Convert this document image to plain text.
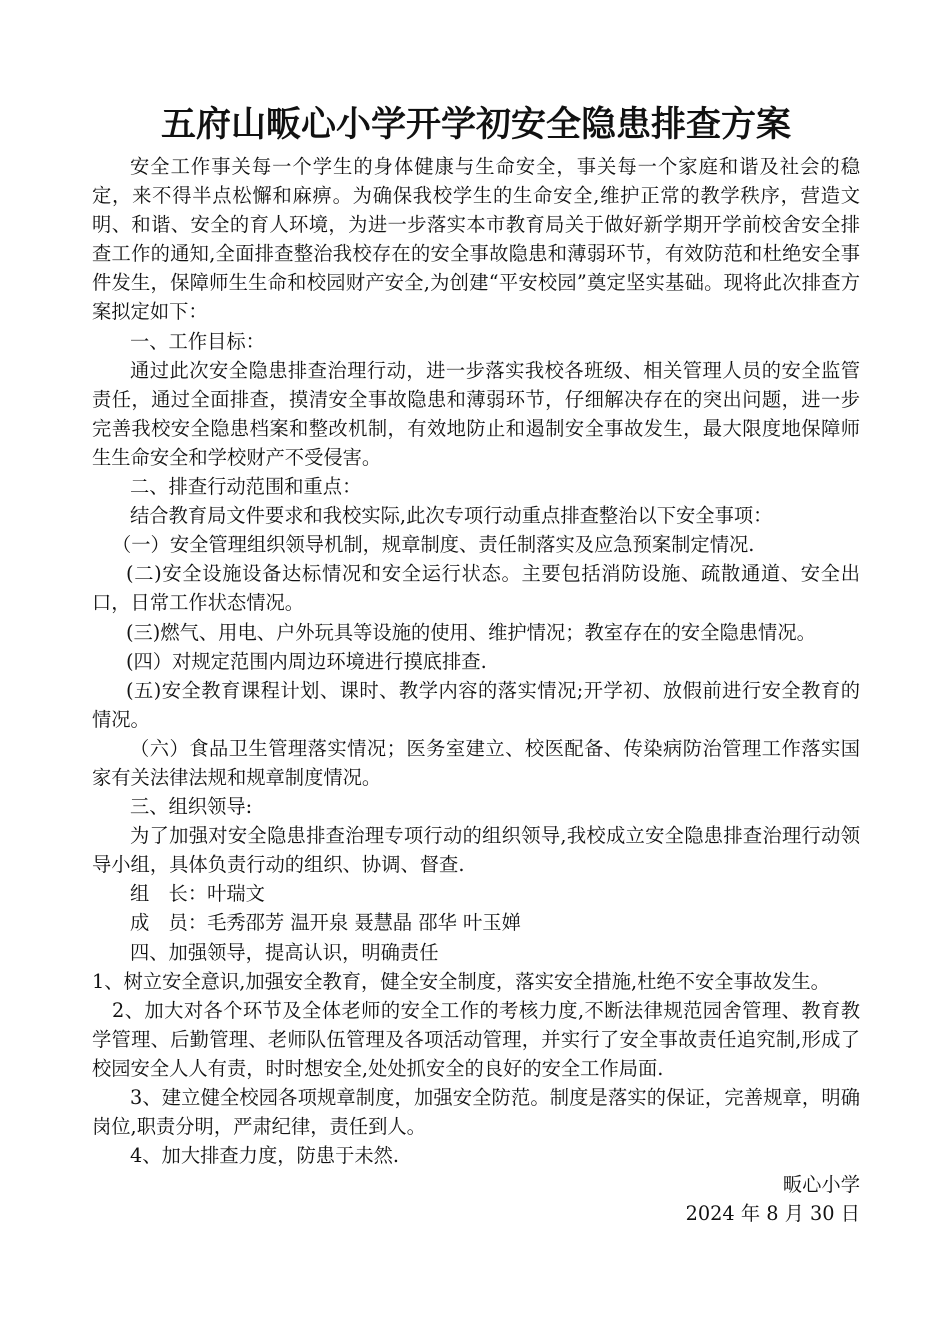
五府山畈心小学开学初安全隐患排查方案

安全工作事关每一个学生的身体健康与生命安全，事关每一个家庭和谐及社会的稳定，来不得半点松懈和麻痹。为确保我校学生的生命安全,维护正常的教学秩序，营造文明、和谐、安全的育人环境，为进一步落实本市教育局关于做好新学期开学前校舍安全排查工作的通知,全面排查整治我校存在的安全事故隐患和薄弱环节，有效防范和杜绝安全事件发生，保障师生生命和校园财产安全,为创建“平安校园”奠定坚实基础。现将此次排查方案拟定如下：

一、工作目标：

通过此次安全隐患排查治理行动，进一步落实我校各班级、相关管理人员的安全监管责任，通过全面排查，摸清安全事故隐患和薄弱环节，仔细解决存在的突出问题，进一步完善我校安全隐患档案和整改机制，有效地防止和遏制安全事故发生，最大限度地保障师生生命安全和学校财产不受侵害。

二、排查行动范围和重点：

结合教育局文件要求和我校实际,此次专项行动重点排查整治以下安全事项：

（一）安全管理组织领导机制，规章制度、责任制落实及应急预案制定情况.

(二)安全设施设备达标情况和安全运行状态。主要包括消防设施、疏散通道、安全出口，日常工作状态情况。

(三)燃气、用电、户外玩具等设施的使用、维护情况；教室存在的安全隐患情况。

(四）对规定范围内周边环境进行摸底排查.

(五)安全教育课程计划、课时、教学内容的落实情况;开学初、放假前进行安全教育的情况。

（六）食品卫生管理落实情况；医务室建立、校医配备、传染病防治管理工作落实国家有关法律法规和规章制度情况。

三、组织领导:

为了加强对安全隐患排查治理专项行动的组织领导,我校成立安全隐患排查治理行动领导小组，具体负责行动的组织、协调、督查.

组　长：叶瑞文

成　员：毛秀邵芳 温开泉 聂慧晶 邵华 叶玉婵

四、加强领导，提高认识，明确责任

1、树立安全意识,加强安全教育，健全安全制度，落实安全措施,杜绝不安全事故发生。

2、加大对各个环节及全体老师的安全工作的考核力度,不断法律规范园舍管理、教育教学管理、后勤管理、老师队伍管理及各项活动管理，并实行了安全事故责任追究制,形成了校园安全人人有责，时时想安全,处处抓安全的良好的安全工作局面.

3、建立健全校园各项规章制度，加强安全防范。制度是落实的保证，完善规章，明确岗位,职责分明，严肃纪律，责任到人。

4、加大排查力度，防患于未然.

畈心小学

2024 年 8 月 30 日
